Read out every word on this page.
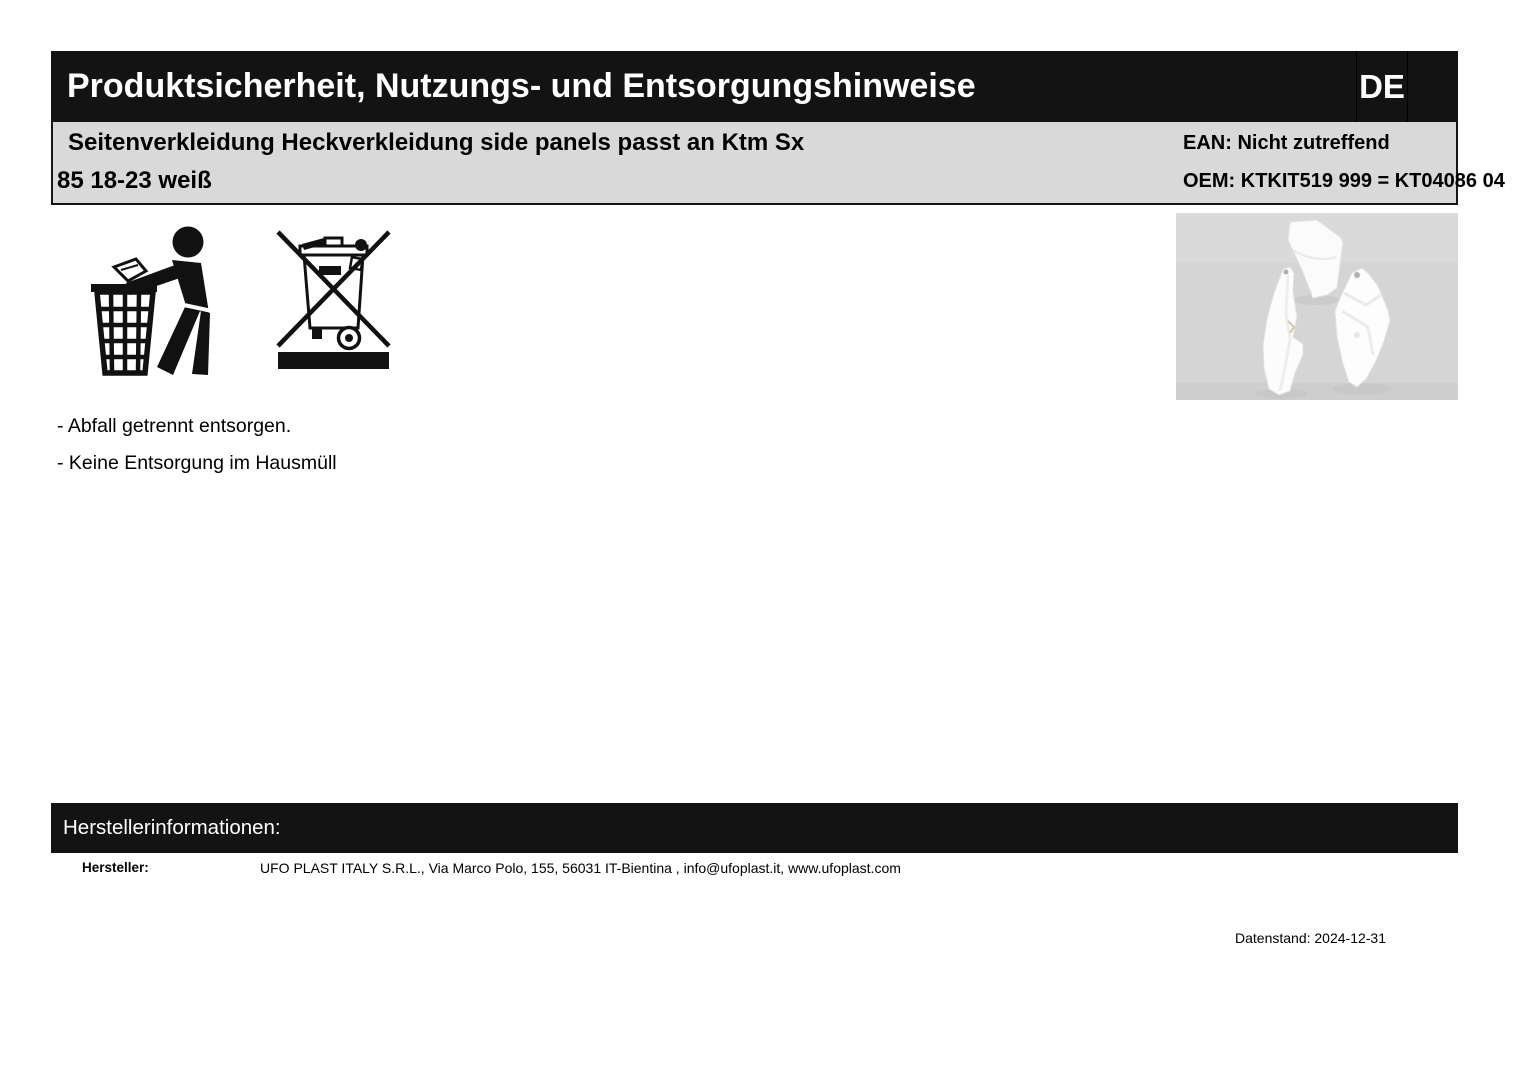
Produktsicherheit, Nutzungs- und Entsorgungshinweise	DE
Seitenverkleidung Heckverkleidung side panels passt an Ktm Sx
85 18-23 weiß
EAN: Nicht zutreffend
OEM: KTKIT519 999 = KT04086 04
- Abfall getrennt entsorgen.
- Keine Entsorgung im Hausmüll
Herstellerinformationen:
Hersteller:	UFO PLAST ITALY S.R.L., Via Marco Polo, 155, 56031 IT-Bientina , info@ufoplast.it, www.ufoplast.com
Datenstand: 2024-12-31
